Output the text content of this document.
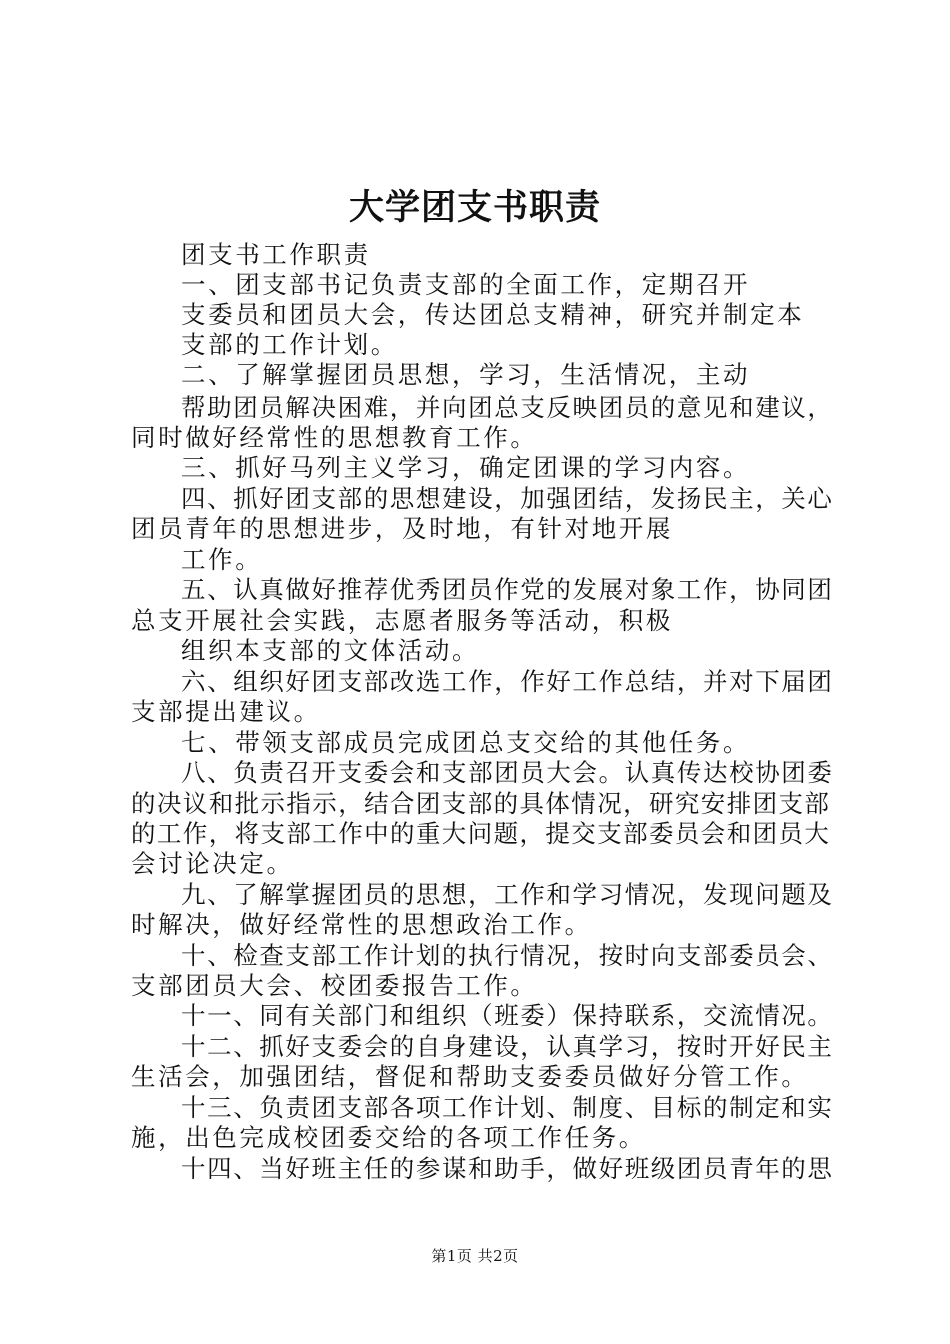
大学团支书职责
团支书工作职责
一、团支部书记负责支部的全面工作，定期召开
支委员和团员大会，传达团总支精神，研究并制定本
支部的工作计划。
二、了解掌握团员思想，学习，生活情况，主动
帮助团员解决困难，并向团总支反映团员的意见和建议，
同时做好经常性的思想教育工作。
三、抓好马列主义学习，确定团课的学习内容。
四、抓好团支部的思想建设，加强团结，发扬民主，关心
团员青年的思想进步，及时地，有针对地开展
工作。
五、认真做好推荐优秀团员作党的发展对象工作，协同团
总支开展社会实践，志愿者服务等活动，积极
组织本支部的文体活动。
六、组织好团支部改选工作，作好工作总结，并对下届团
支部提出建议。
七、带领支部成员完成团总支交给的其他任务。
八、负责召开支委会和支部团员大会。认真传达校协团委
的决议和批示指示，结合团支部的具体情况，研究安排团支部
的工作，将支部工作中的重大问题，提交支部委员会和团员大
会讨论决定。
九、了解掌握团员的思想，工作和学习情况，发现问题及
时解决，做好经常性的思想政治工作。
十、检查支部工作计划的执行情况，按时向支部委员会、
支部团员大会、校团委报告工作。
十一、同有关部门和组织（班委）保持联系，交流情况。
十二、抓好支委会的自身建设，认真学习，按时开好民主
生活会，加强团结，督促和帮助支委委员做好分管工作。
十三、负责团支部各项工作计划、制度、目标的制定和实
施，出色完成校团委交给的各项工作任务。
十四、当好班主任的参谋和助手，做好班级团员青年的思
第1页 共2页
